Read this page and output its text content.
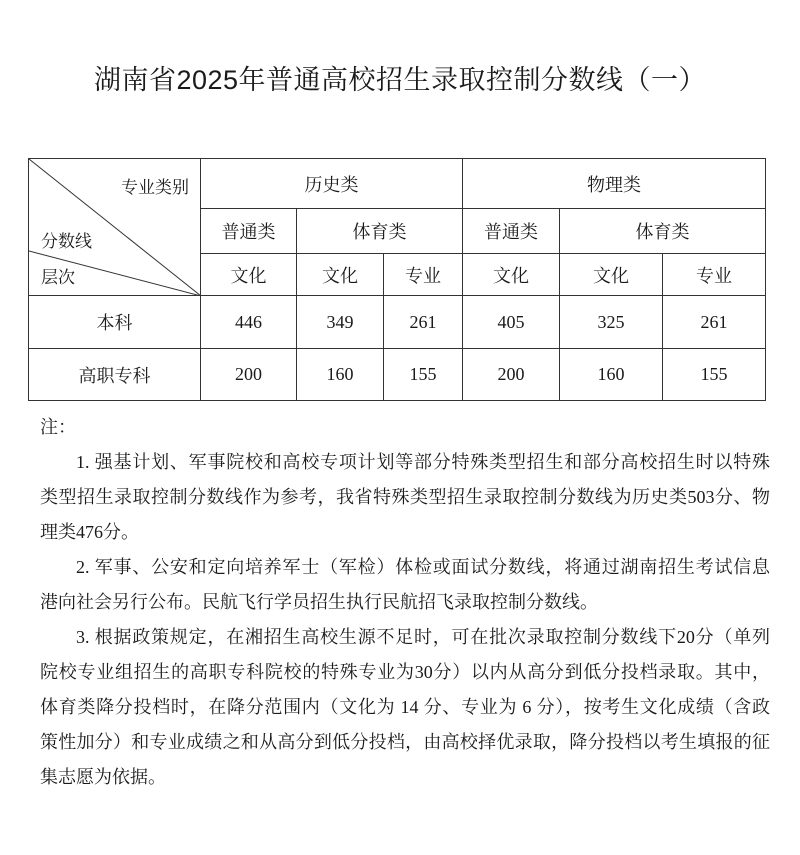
湖南省2025年普通高校招生录取控制分数线（一）
专业类别
分数线
层次	历史类			物理类		
	普通类	体育类		普通类	体育类	
	文化	文化	专业	文化	文化	专业
本科	446	349	261	405	325	261
高职专科	200	160	155	200	160	155
注：
1. 强基计划、军事院校和高校专项计划等部分特殊类型招生和部分高校招生时以特殊
类型招生录取控制分数线作为参考，我省特殊类型招生录取控制分数线为历史类503分、物
理类476分。
2. 军事、公安和定向培养军士（军检）体检或面试分数线，将通过湖南招生考试信息
港向社会另行公布。民航飞行学员招生执行民航招飞录取控制分数线。
3. 根据政策规定，在湘招生高校生源不足时，可在批次录取控制分数线下20分（单列
院校专业组招生的高职专科院校的特殊专业为30分）以内从高分到低分投档录取。其中，
体育类降分投档时，在降分范围内（文化为 14 分、专业为 6 分），按考生文化成绩（含政
策性加分）和专业成绩之和从高分到低分投档，由高校择优录取，降分投档以考生填报的征
集志愿为依据。
